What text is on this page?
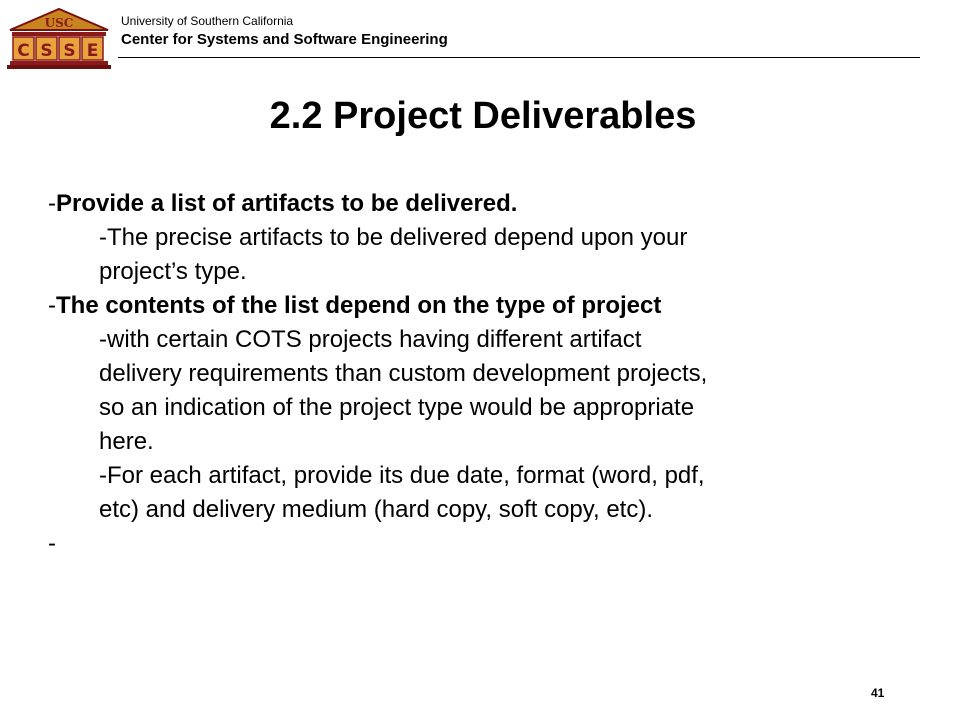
USC
C S S E
University of Southern California
Center for Systems and Software Engineering
2.2 Project Deliverables
-Provide a list of artifacts to be delivered.
-The precise artifacts to be delivered depend upon your
project’s type.
-The contents of the list depend on the type of project
-with certain COTS projects having different artifact
delivery requirements than custom development projects,
so an indication of the project type would be appropriate
here.
-For each artifact, provide its due date, format (word, pdf,
etc) and delivery medium (hard copy, soft copy, etc).
-
41
